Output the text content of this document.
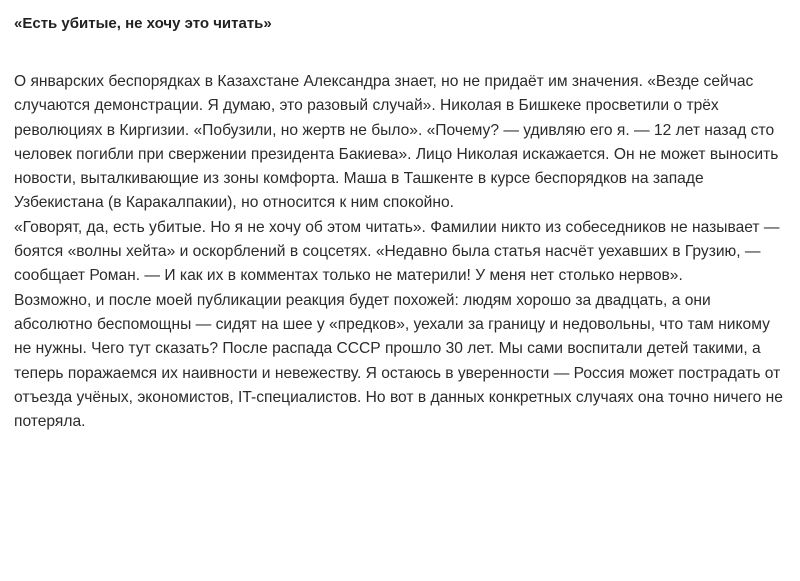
«Есть убитые, не хочу это читать»

О январских беспорядках в Казахстане Александра знает, но не придаёт им значения. «Везде сейчас случаются демонстрации. Я думаю, это разовый случай». Николая в Бишкеке просветили о трёх революциях в Киргизии. «Побузили, но жертв не было». «Почему? — удивляю его я. — 12 лет назад сто человек погибли при свержении президента Бакиева». Лицо Николая искажается. Он не может выносить новости, выталкивающие из зоны комфорта. Маша в Ташкенте в курсе беспорядков на западе Узбекистана (в Каракалпакии), но относится к ним спокойно.

«Говорят, да, есть убитые. Но я не хочу об этом читать». Фамилии никто из собеседников не называет — боятся «волны хейта» и оскорблений в соцсетях. «Недавно была статья насчёт уехавших в Грузию, — сообщает Роман. — И как их в комментах только не материли! У меня нет столько нервов».

Возможно, и после моей публикации реакция будет похожей: людям хорошо за двадцать, а они абсолютно беспомощны — сидят на шее у «предков», уехали за границу и недовольны, что там никому не нужны. Чего тут сказать? После распада СССР прошло 30 лет. Мы сами воспитали детей такими, а теперь поражаемся их наивности и невежеству. Я остаюсь в уверенности — Россия может пострадать от отъезда учёных, экономистов, IT-специалистов. Но вот в данных конкретных случаях она точно ничего не потеряла.
